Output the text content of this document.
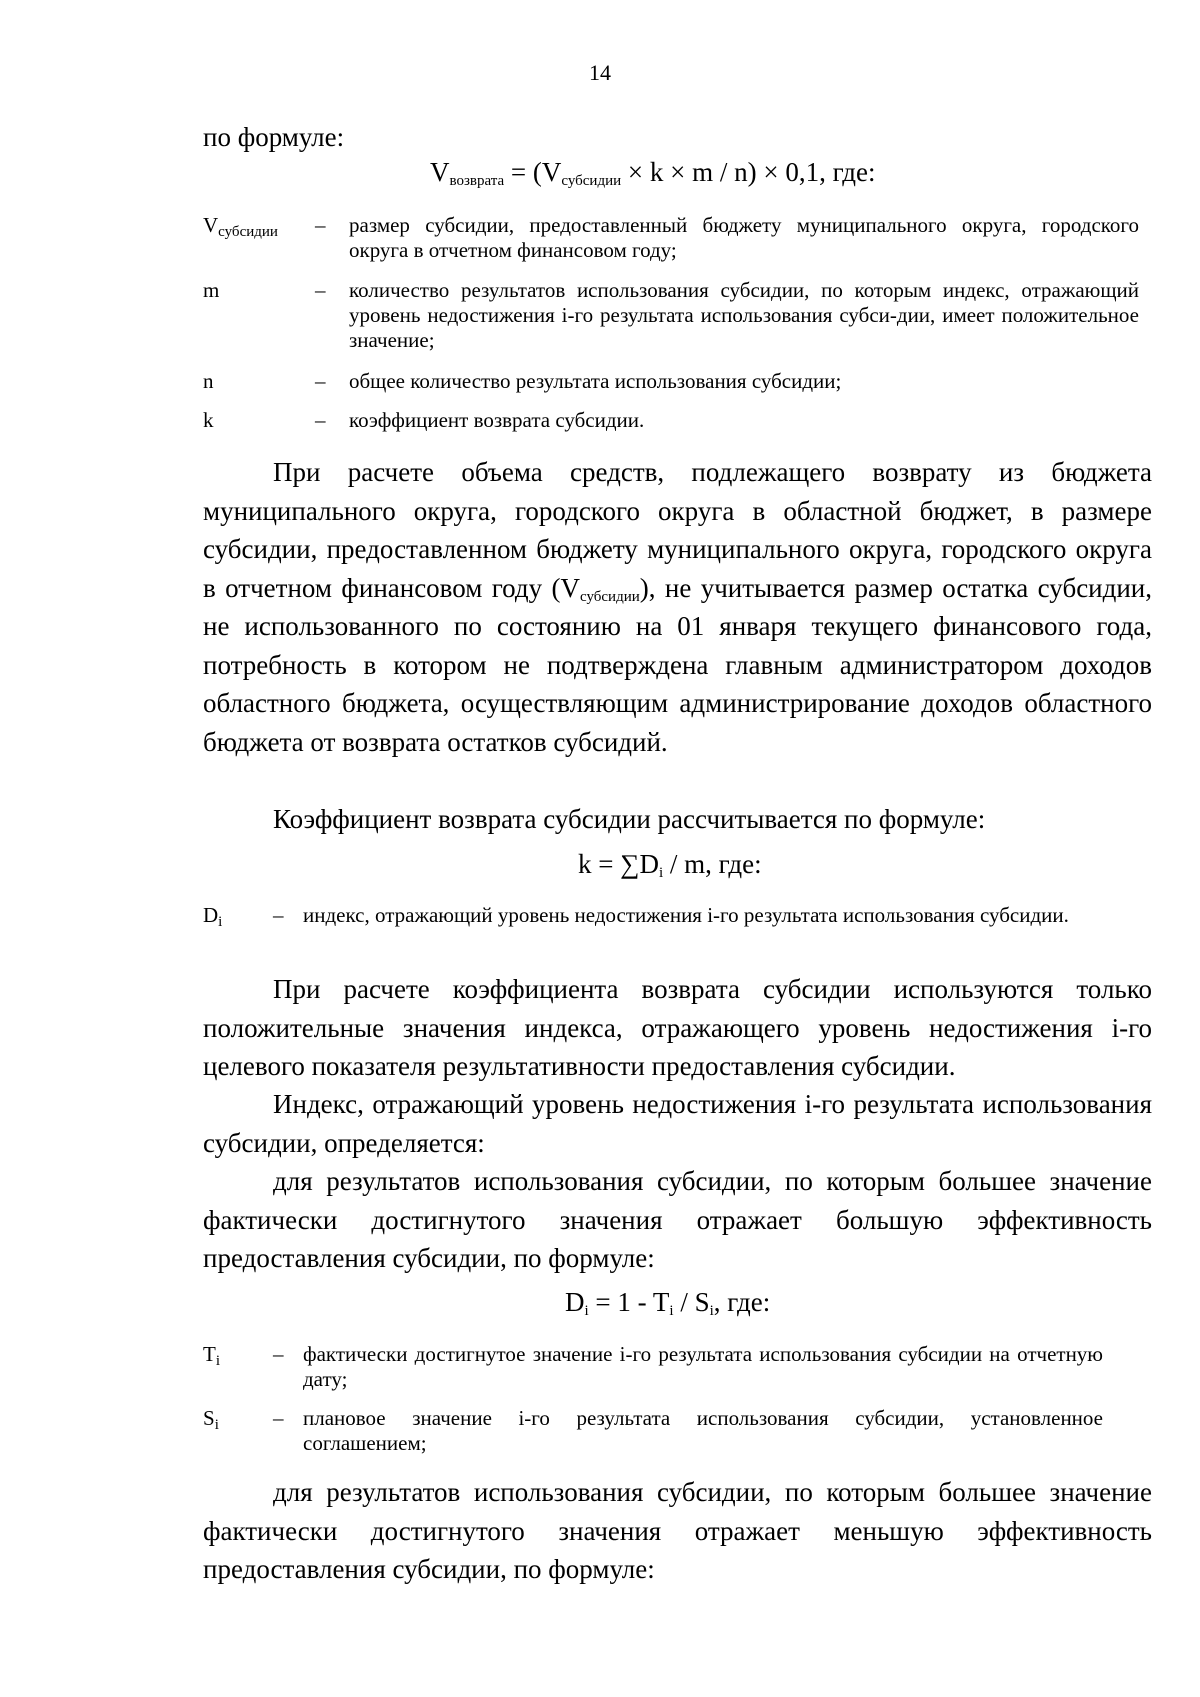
14
по формуле:
$V_{возврата} = (V_{субсидии} \times k \times m / n) \times 0,1$, где:
$V_{субсидии}$ – размер субсидии, предоставленный бюджету муниципального округа, городского округа в отчетном финансовом году;
m	– количество результатов использования субсидии, по которым индекс, отражающий уровень недостижения i-го результата использования субси-дии, имеет положительное значение;
n	– общее количество результата использования субсидии;
k	– коэффициент возврата субсидии.

При расчете объема средств, подлежащего возврату из бюджета муниципального округа, городского округа в областной бюджет, в размере субсидии, предоставленном бюджету муниципального округа, городского округа в отчетном финансовом году $(V_{субсидии})$, не учитывается размер остатка субсидии, не использованного по состоянию на 01 января текущего финансового года, потребность в котором не подтверждена главным администратором доходов областного бюджета, осуществляющим администрирование доходов областного бюджета от возврата остатков субсидий.

Коэффициент возврата субсидии рассчитывается по формуле:

$k = \sum D_i / m$, где:
$D_i$ – индекс, отражающий уровень недостижения i-го результата использования субсидии.

При расчете коэффициента возврата субсидии используются только положительные значения индекса, отражающего уровень недостижения i-го целевого показателя результативности предоставления субсидии.

Индекс, отражающий уровень недостижения i-го результата использования субсидии, определяется:

для результатов использования субсидии, по которым большее значение фактически достигнутого значения отражает большую эффективность предоставления субсидии, по формуле:

$D_i = 1 - T_i / S_i$, где:
$T_i$	– фактически достигнутое значение i-го результата использования субсидии на отчетную дату;
$S_i$	– плановое значение i-го результата использования субсидии, установленное соглашением;

для результатов использования субсидии, по которым большее значение фактически достигнутого значения отражает меньшую эффективность предоставления субсидии, по формуле:
